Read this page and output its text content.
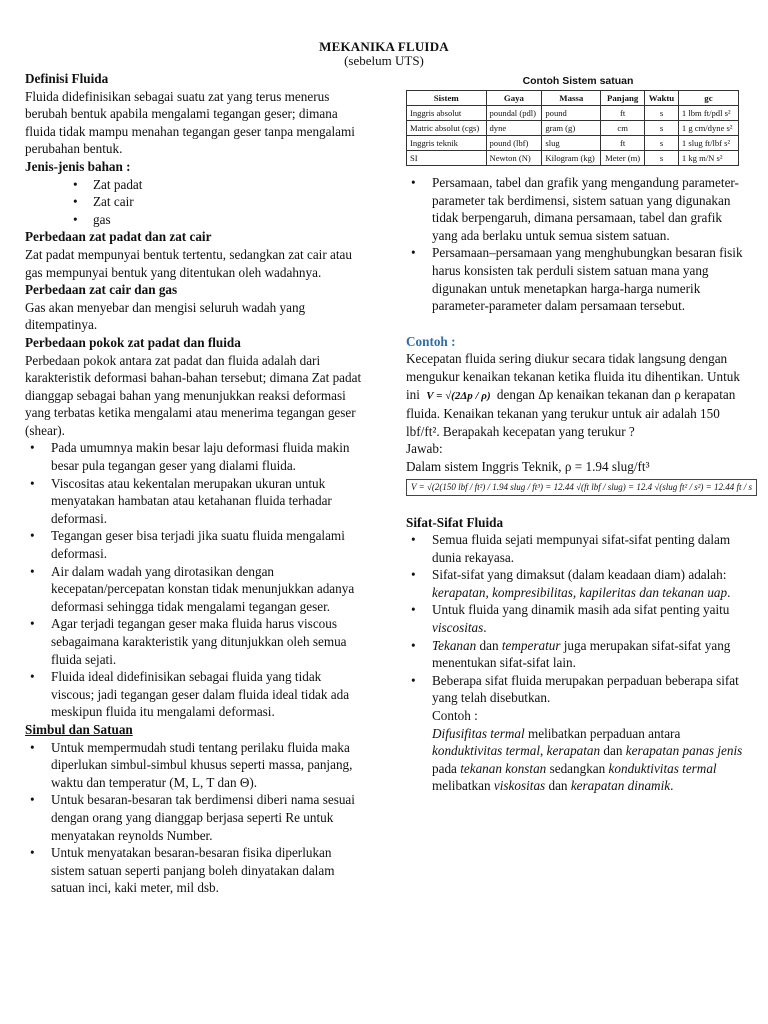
MEKANIKA FLUIDA
(sebelum UTS)
Definisi Fluida

Fluida didefinisikan sebagai suatu zat yang terus menerus berubah bentuk apabila mengalami tegangan geser; dimana fluida tidak mampu menahan tegangan geser tanpa mengalami perubahan bentuk.

Jenis-jenis bahan :
• Zat padat
• Zat cair
• gas
Perbedaan zat padat dan zat cair

Zat padat mempunyai bentuk tertentu, sedangkan zat cair atau gas mempunyai bentuk yang ditentukan oleh wadahnya.

Perbedaan zat cair dan gas

Gas akan menyebar dan mengisi seluruh wadah yang ditempatinya.

Perbedaan pokok zat padat dan fluida

Perbedaan pokok antara zat padat dan fluida adalah dari karakteristik deformasi bahan-bahan tersebut; dimana Zat padat dianggap sebagai bahan yang menunjukkan reaksi deformasi yang terbatas ketika mengalami atau menerima tegangan geser (shear).

• Pada umumnya makin besar laju deformasi fluida makin besar pula tegangan geser yang dialami fluida.
• Viscositas atau kekentalan merupakan ukuran untuk menyatakan hambatan atau ketahanan fluida terhadar deformasi.
• Tegangan geser bisa terjadi jika suatu fluida mengalami deformasi.
• Air dalam wadah yang dirotasikan dengan kecepatan/percepatan konstan tidak menunjukkan adanya deformasi sehingga tidak mengalami tegangan geser.
• Agar terjadi tegangan geser maka fluida harus viscous sebagaimana karakteristik yang ditunjukkan oleh semua fluida sejati.
• Fluida ideal didefinisikan sebagai fluida yang tidak viscous; jadi tegangan geser dalam fluida ideal tidak ada meskipun fluida itu mengalami deformasi.
Simbul dan Satuan
• Untuk mempermudah studi tentang perilaku fluida maka diperlukan simbul-simbul khusus seperti massa, panjang, waktu dan temperatur (M, L, T dan Θ).
• Untuk besaran-besaran tak berdimensi diberi nama sesuai dengan orang yang dianggap berjasa seperti Re untuk menyatakan reynolds Number.
• Untuk menyatakan besaran-besaran fisika diperlukan sistem satuan seperti panjang boleh dinyatakan dalam satuan inci, kaki meter, mil dsb.
Contoh Sistem satuan
Sistem	Gaya	Massa	Panjang	Waktu	gc
Inggris absolut	poundal (pdl)	pound	ft	s	1 lbm ft/pdl s²
Matric absolut (cgs)	dyne	gram (g)	cm	s	1 g cm/dyne s²
Inggris teknik	pound (lbf)	slug	ft	s	1 slug ft/lbf s²
SI	Newton (N)	Kilogram (kg)	Meter (m)	s	1 kg m/N s²
• Persamaan, tabel dan grafik yang mengandung parameter-parameter tak berdimensi, sistem satuan yang digunakan tidak berpengaruh, dimana persamaan, tabel dan grafik yang ada berlaku untuk semua sistem satuan.
• Persamaan–persamaan yang menghubungkan besaran fisik harus konsisten tak perduli sistem satuan mana yang digunakan untuk menetapkan harga-harga numerik parameter-parameter dalam persamaan tersebut.
Contoh :

Kecepatan fluida sering diukur secara tidak langsung dengan mengukur kenaikan tekanan ketika fluida itu dihentikan. Untuk ini V = √(2Δp / ρ) dengan Δp kenaikan tekanan dan ρ kerapatan fluida. Kenaikan tekanan yang terukur untuk air adalah 150 lbf/ft². Berapakah kecepatan yang terukur ?

Jawab:

Dalam sistem Inggris Teknik, ρ = 1.94 slug/ft³

V = √(2(150 lbf / ft²) / 1.94 slug / ft³) = 12.44 √(ft lbf / slug) = 12.4 √(slug ft² / s²) = 12.44 ft / s
Sifat-Sifat Fluida
• Semua fluida sejati mempunyai sifat-sifat penting dalam dunia rekayasa.
• Sifat-sifat yang dimaksut (dalam keadaan diam) adalah: kerapatan, kompresibilitas, kapileritas dan tekanan uap.
• Untuk fluida yang dinamik masih ada sifat penting yaitu viscositas.
• Tekanan dan temperatur juga merupakan sifat-sifat yang menentukan sifat-sifat lain.
• Beberapa sifat fluida merupakan perpaduan beberapa sifat yang telah disebutkan.
Contoh :
Difusifitas termal melibatkan perpaduan antara konduktivitas termal, kerapatan dan kerapatan panas jenis pada tekanan konstan sedangkan konduktivitas termal melibatkan viskositas dan kerapatan dinamik.
